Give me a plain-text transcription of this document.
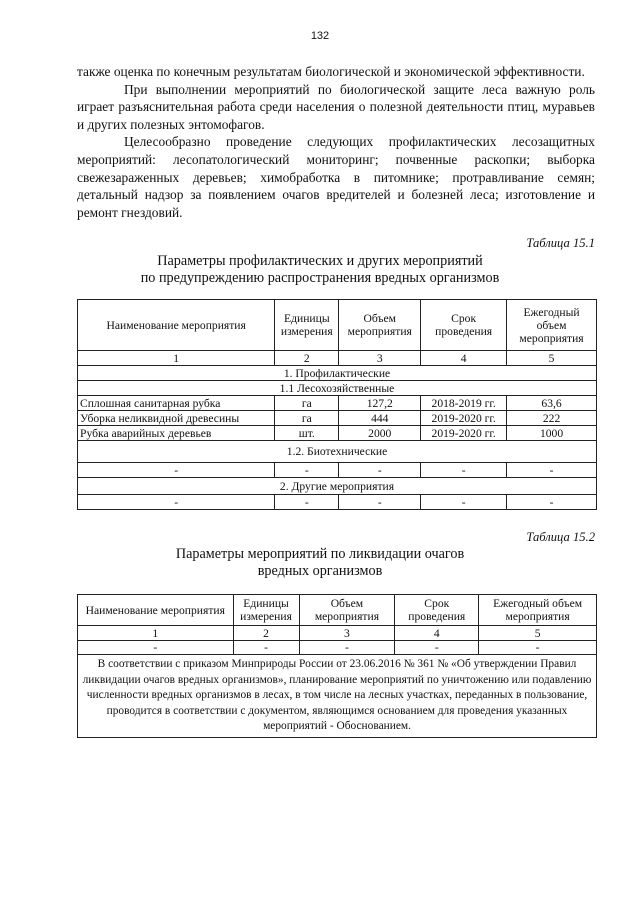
132

также оценка по конечным результатам биологической и экономической эффективности.

При выполнении мероприятий по биологической защите леса важную роль играет разъяснительная работа среди населения о полезной деятельности птиц, муравьев и других полезных энтомофагов.

Целесообразно проведение следующих профилактических лесозащитных мероприятий: лесопатологический мониторинг; почвенные раскопки; выборка свежезараженных деревьев; химобработка в питомнике; протравливание семян; детальный надзор за появлением очагов вредителей и болезней леса; изготовление и ремонт гнездовий.

Таблица 15.1
Параметры профилактических и других мероприятий
по предупреждению распространения вредных организмов
Наименование мероприятия	Единицы измерения	Объем мероприятия	Срок проведения	Ежегодный объем мероприятия
1	2	3	4	5
1. Профилактические				
1.1 Лесохозяйственные				
Сплошная санитарная рубка	га	127,2	2018-2019 гг.	63,6
Уборка неликвидной древесины	га	444	2019-2020 гг.	222
Рубка аварийных деревьев	шт.	2000	2019-2020 гг.	1000
1.2. Биотехнические				
-	-	-	-	-
2. Другие мероприятия				
-	-	-	-	-
Таблица 15.2
Параметры мероприятий по ликвидации очагов
вредных организмов
Наименование мероприятия	Единицы измерения	Объем мероприятия	Срок проведения	Ежегодный объем мероприятия
1	2	3	4	5
-	-	-	-	-
В соответствии с приказом Минприроды России от 23.06.2016 № 361 № «Об утверждении Правил ликвидации очагов вредных организмов», планирование мероприятий по уничтожению или подавлению численности вредных организмов в лесах, в том числе на лесных участках, переданных в пользование, проводится в соответствии с документом, являющимся основанием для проведения указанных мероприятий - Обоснованием.				
